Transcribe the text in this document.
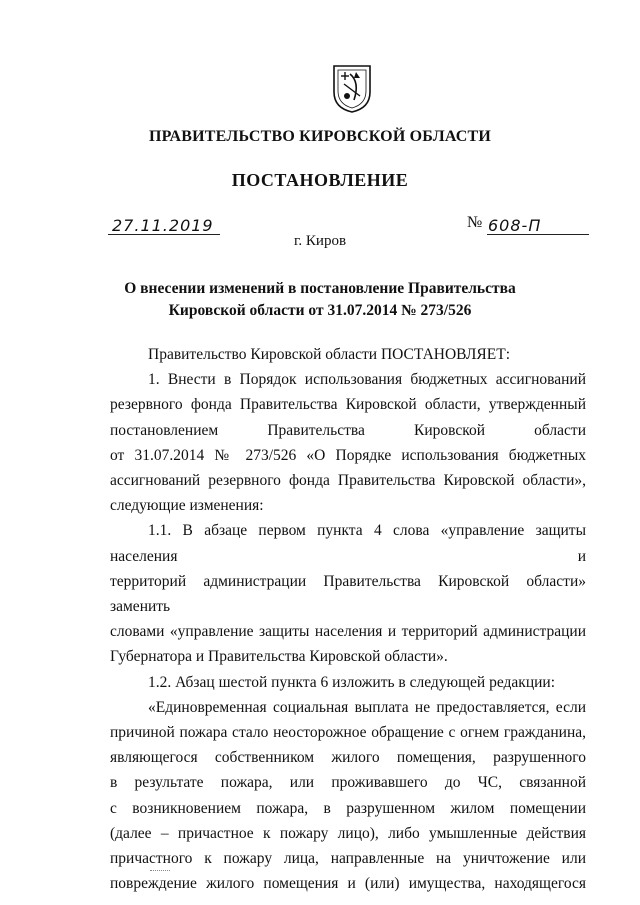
ПРАВИТЕЛЬСТВО КИРОВСКОЙ ОБЛАСТИ
ПОСТАНОВЛЕНИЕ
27.11.2019	№ 608-П
г. Киров
О внесении изменений в постановление Правительства
Кировской области от 31.07.2014 № 273/526

Правительство Кировской области ПОСТАНОВЛЯЕТ:

1. Внести в Порядок использования бюджетных ассигнований
резервного фонда Правительства Кировской области, утвержденный
постановлением Правительства Кировской области
от 31.07.2014 № 273/526 «О Порядке использования бюджетных
ассигнований резервного фонда Правительства Кировской области»,
следующие изменения:

1.1. В абзаце первом пункта 4 слова «управление защиты населения и
территорий администрации Правительства Кировской области» заменить
словами «управление защиты населения и территорий администрации
Губернатора и Правительства Кировской области».

1.2. Абзац шестой пункта 6 изложить в следующей редакции:

«Единовременная социальная выплата не предоставляется, если
причиной пожара стало неосторожное обращение с огнем гражданина,
являющегося собственником жилого помещения, разрушенного
в результате пожара, или проживавшего до ЧС, связанной
с возникновением пожара, в разрушенном жилом помещении
(далее – причастное к пожару лицо), либо умышленные действия
причастного к пожару лица, направленные на уничтожение или
повреждение жилого помещения и (или) имущества, находящегося
